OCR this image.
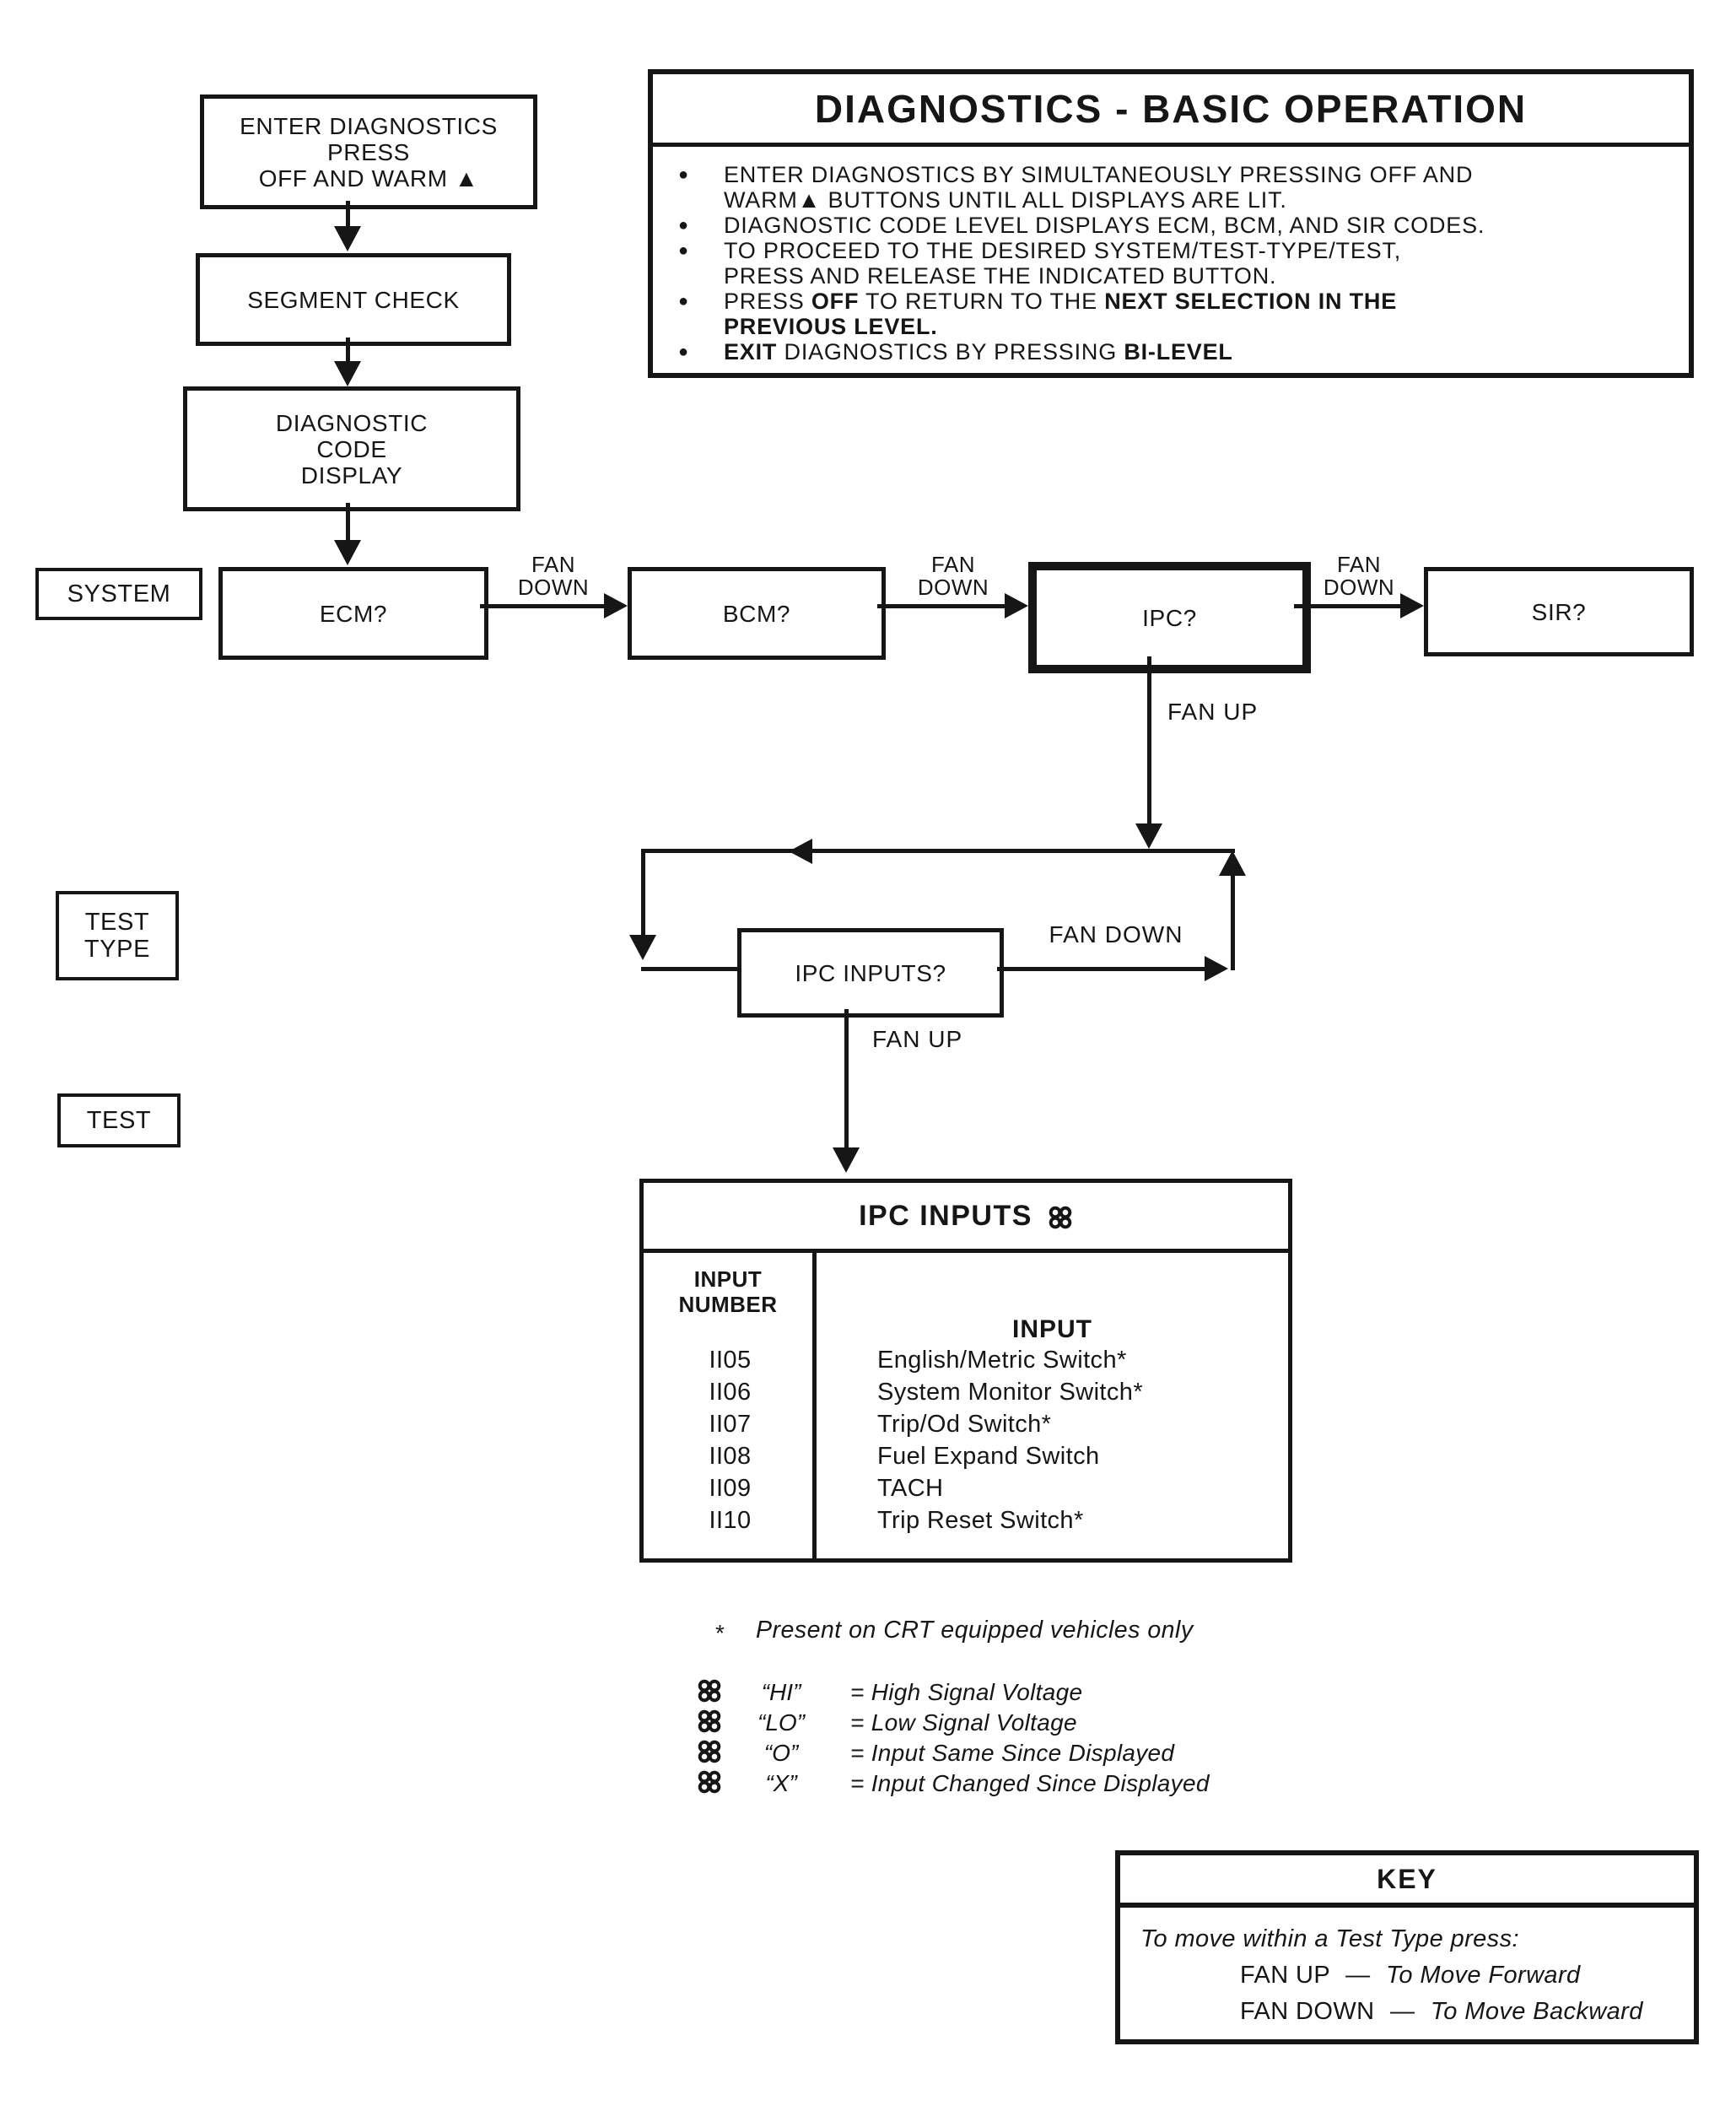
ENTER DIAGNOSTICS
PRESS
OFF AND WARM ▲
SEGMENT CHECK
DIAGNOSTIC
CODE
DISPLAY
DIAGNOSTICS - BASIC OPERATION
●	ENTER DIAGNOSTICS BY SIMULTANEOUSLY PRESSING OFF AND
WARM▲ BUTTONS UNTIL ALL DISPLAYS ARE LIT.
●	DIAGNOSTIC CODE LEVEL DISPLAYS ECM, BCM, AND SIR CODES.
●	TO PROCEED TO THE DESIRED SYSTEM/TEST-TYPE/TEST,
PRESS AND RELEASE THE INDICATED BUTTON.
●	PRESS OFF TO RETURN TO THE NEXT SELECTION IN THE
PREVIOUS LEVEL.
●	EXIT DIAGNOSTICS BY PRESSING BI-LEVEL
SYSTEM
ECM?	BCM?	IPC?	SIR?
FAN
DOWN
FAN
DOWN
FAN
DOWN
FAN UP
IPC INPUTS?
FAN DOWN
FAN UP
TEST
TYPE
TEST
IPC INPUTS
INPUT
NUMBER
INPUT
II05	English/Metric Switch*
II06	System Monitor Switch*
II07	Trip/Od Switch*
II08	Fuel Expand Switch
II09	TACH
II10	Trip Reset Switch*
* Present on CRT equipped vehicles only
“HI”	= High Signal Voltage
“LO”	= Low Signal Voltage
“O”	= Input Same Since Displayed
“X”	= Input Changed Since Displayed
KEY
To move within a Test Type press:
FAN UP — To Move Forward
FAN DOWN — To Move Backward
